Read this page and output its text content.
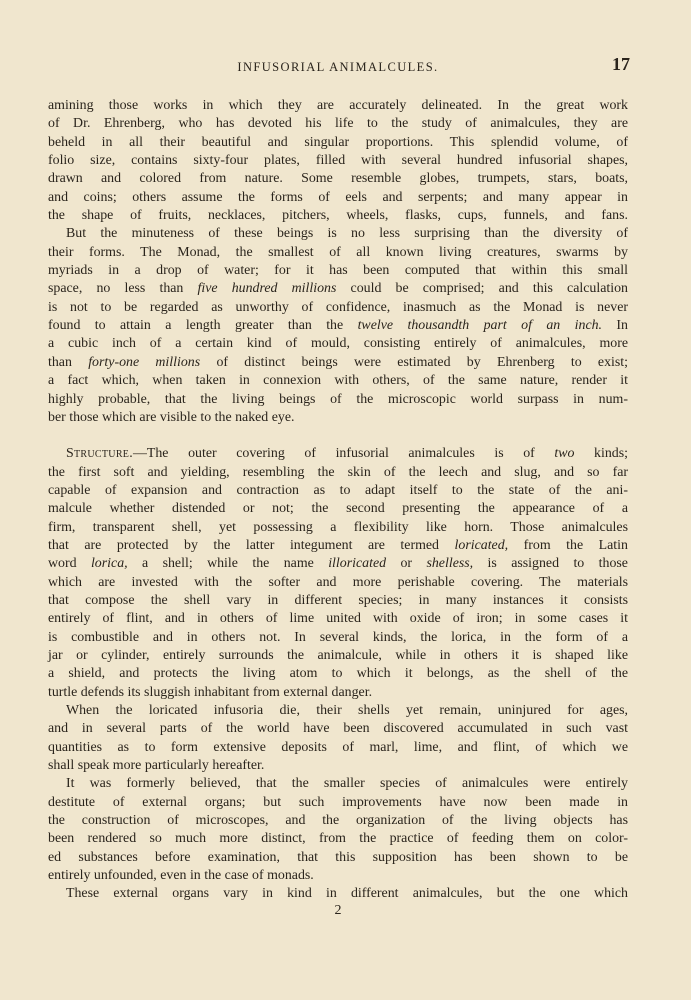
INFUSORIAL ANIMALCULES.	17
amining those works in which they are accurately delineated. In the great work
of Dr. Ehrenberg, who has devoted his life to the study of animalcules, they are
beheld in all their beautiful and singular proportions. This splendid volume, of
folio size, contains sixty-four plates, filled with several hundred infusorial shapes,
drawn and colored from nature. Some resemble globes, trumpets, stars, boats,
and coins; others assume the forms of eels and serpents; and many appear in
the shape of fruits, necklaces, pitchers, wheels, flasks, cups, funnels, and fans.
But the minuteness of these beings is no less surprising than the diversity of
their forms. The Monad, the smallest of all known living creatures, swarms by
myriads in a drop of water; for it has been computed that within this small
space, no less than five hundred millions could be comprised; and this calculation
is not to be regarded as unworthy of confidence, inasmuch as the Monad is never
found to attain a length greater than the twelve thousandth part of an inch. In
a cubic inch of a certain kind of mould, consisting entirely of animalcules, more
than forty-one millions of distinct beings were estimated by Ehrenberg to exist;
a fact which, when taken in connexion with others, of the same nature, render it
highly probable, that the living beings of the microscopic world surpass in num-
ber those which are visible to the naked eye.
Structure.—The outer covering of infusorial animalcules is of two kinds;
the first soft and yielding, resembling the skin of the leech and slug, and so far
capable of expansion and contraction as to adapt itself to the state of the ani-
malcule whether distended or not; the second presenting the appearance of a
firm, transparent shell, yet possessing a flexibility like horn. Those animalcules
that are protected by the latter integument are termed loricated, from the Latin
word lorica, a shell; while the name illoricated or shelless, is assigned to those
which are invested with the softer and more perishable covering. The materials
that compose the shell vary in different species; in many instances it consists
entirely of flint, and in others of lime united with oxide of iron; in some cases it
is combustible and in others not. In several kinds, the lorica, in the form of a
jar or cylinder, entirely surrounds the animalcule, while in others it is shaped like
a shield, and protects the living atom to which it belongs, as the shell of the
turtle defends its sluggish inhabitant from external danger.
When the loricated infusoria die, their shells yet remain, uninjured for ages,
and in several parts of the world have been discovered accumulated in such vast
quantities as to form extensive deposits of marl, lime, and flint, of which we
shall speak more particularly hereafter.
It was formerly believed, that the smaller species of animalcules were entirely
destitute of external organs; but such improvements have now been made in
the construction of microscopes, and the organization of the living objects has
been rendered so much more distinct, from the practice of feeding them on color-
ed substances before examination, that this supposition has been shown to be
entirely unfounded, even in the case of monads.
These external organs vary in kind in different animalcules, but the one which
2
